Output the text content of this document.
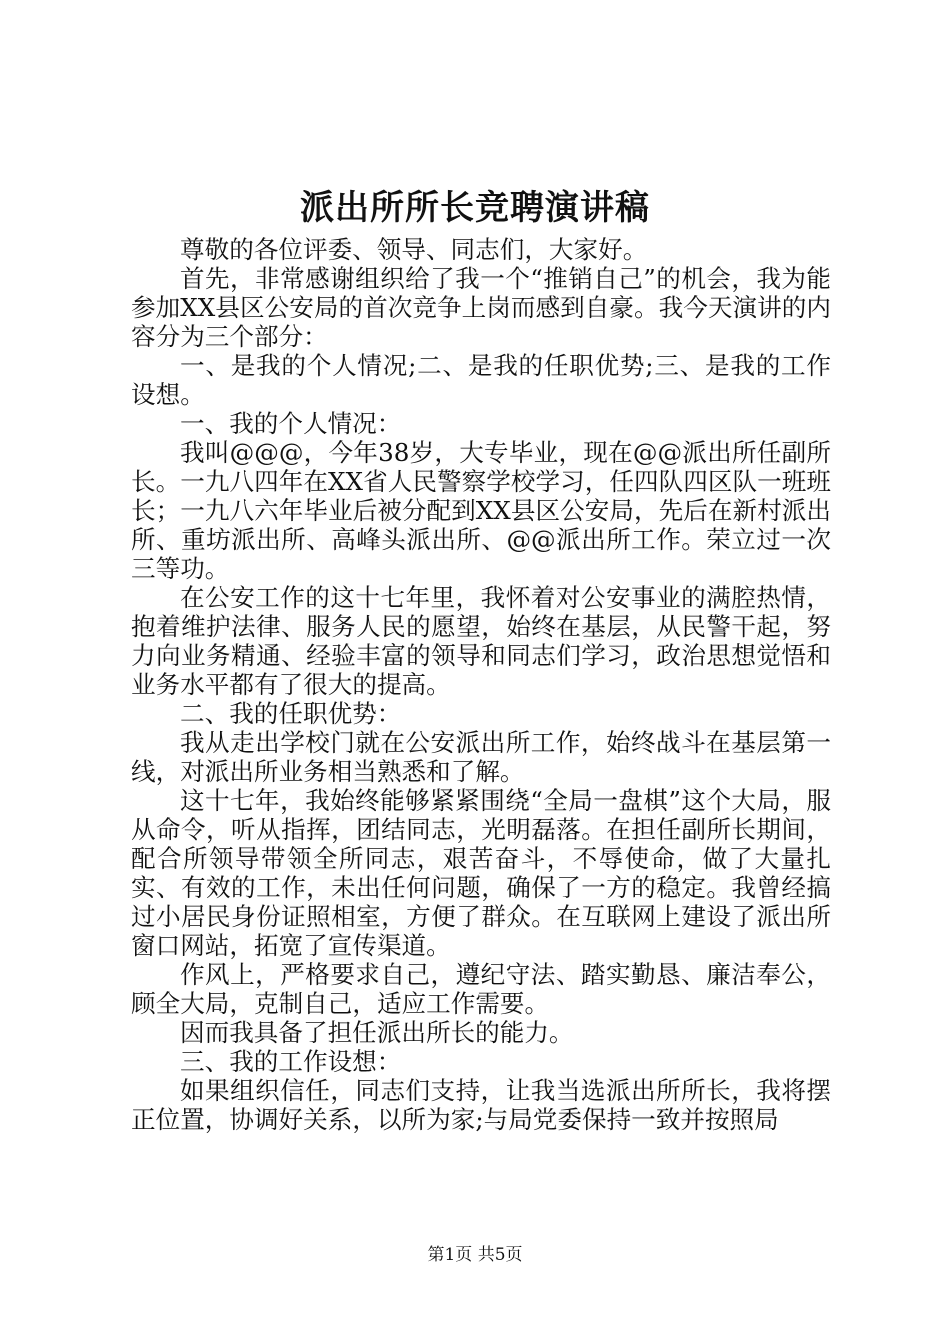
派出所所长竞聘演讲稿

尊敬的各位评委、领导、同志们，大家好。

首先，非常感谢组织给了我一个“推销自己”的机会，我为能参加XX县区公安局的首次竞争上岗而感到自豪。我今天演讲的内容分为三个部分：

一、是我的个人情况;二、是我的任职优势;三、是我的工作设想。

一、我的个人情况：

我叫@@@，今年38岁，大专毕业，现在@@派出所任副所长。一九八四年在XX省人民警察学校学习，任四队四区队一班班长；一九八六年毕业后被分配到XX县区公安局，先后在新村派出所、重坊派出所、高峰头派出所、@@派出所工作。荣立过一次三等功。

在公安工作的这十七年里，我怀着对公安事业的满腔热情，抱着维护法律、服务人民的愿望，始终在基层，从民警干起，努力向业务精通、经验丰富的领导和同志们学习，政治思想觉悟和业务水平都有了很大的提高。

二、我的任职优势：

我从走出学校门就在公安派出所工作，始终战斗在基层第一线，对派出所业务相当熟悉和了解。

这十七年，我始终能够紧紧围绕“全局一盘棋”这个大局，服从命令，听从指挥，团结同志，光明磊落。在担任副所长期间，配合所领导带领全所同志，艰苦奋斗，不辱使命，做了大量扎实、有效的工作，未出任何问题，确保了一方的稳定。我曾经搞过小居民身份证照相室，方便了群众。在互联网上建设了派出所窗口网站，拓宽了宣传渠道。

作风上，严格要求自己，遵纪守法、踏实勤恳、廉洁奉公，顾全大局，克制自己，适应工作需要。

因而我具备了担任派出所长的能力。

三、我的工作设想：

如果组织信任，同志们支持，让我当选派出所所长，我将摆正位置，协调好关系，以所为家;与局党委保持一致并按照局

第1页 共5页
